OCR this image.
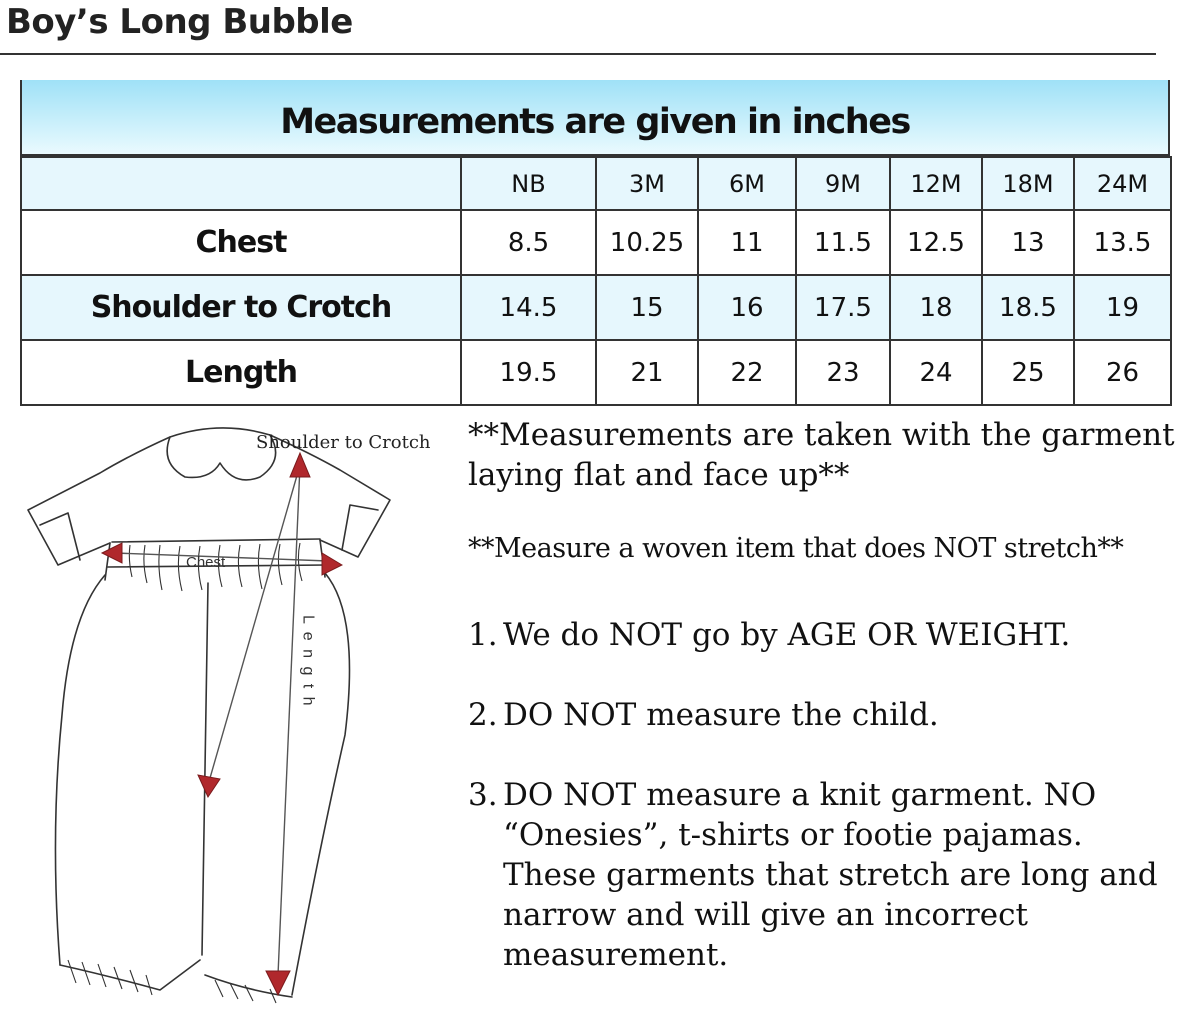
Boy’s Long Bubble
Measurements are given in inches
	NB	3M	6M	9M	12M	18M	24M
Chest	8.5	10.25	11	11.5	12.5	13	13.5
Shoulder to Crotch	14.5	15	16	17.5	18	18.5	19
Length	19.5	21	22	23	24	25	26
Shoulder to Crotch
Chest
L e n g t h
**Measurements are taken with the garment laying flat and face up**
**Measure a woven item that does NOT stretch**
1. We do NOT go by AGE OR WEIGHT.
2. DO NOT measure the child.
3. DO NOT measure a knit garment. NO “Onesies”, t-shirts or footie pajamas. These garments that stretch are long and narrow and will give an incorrect measurement.
